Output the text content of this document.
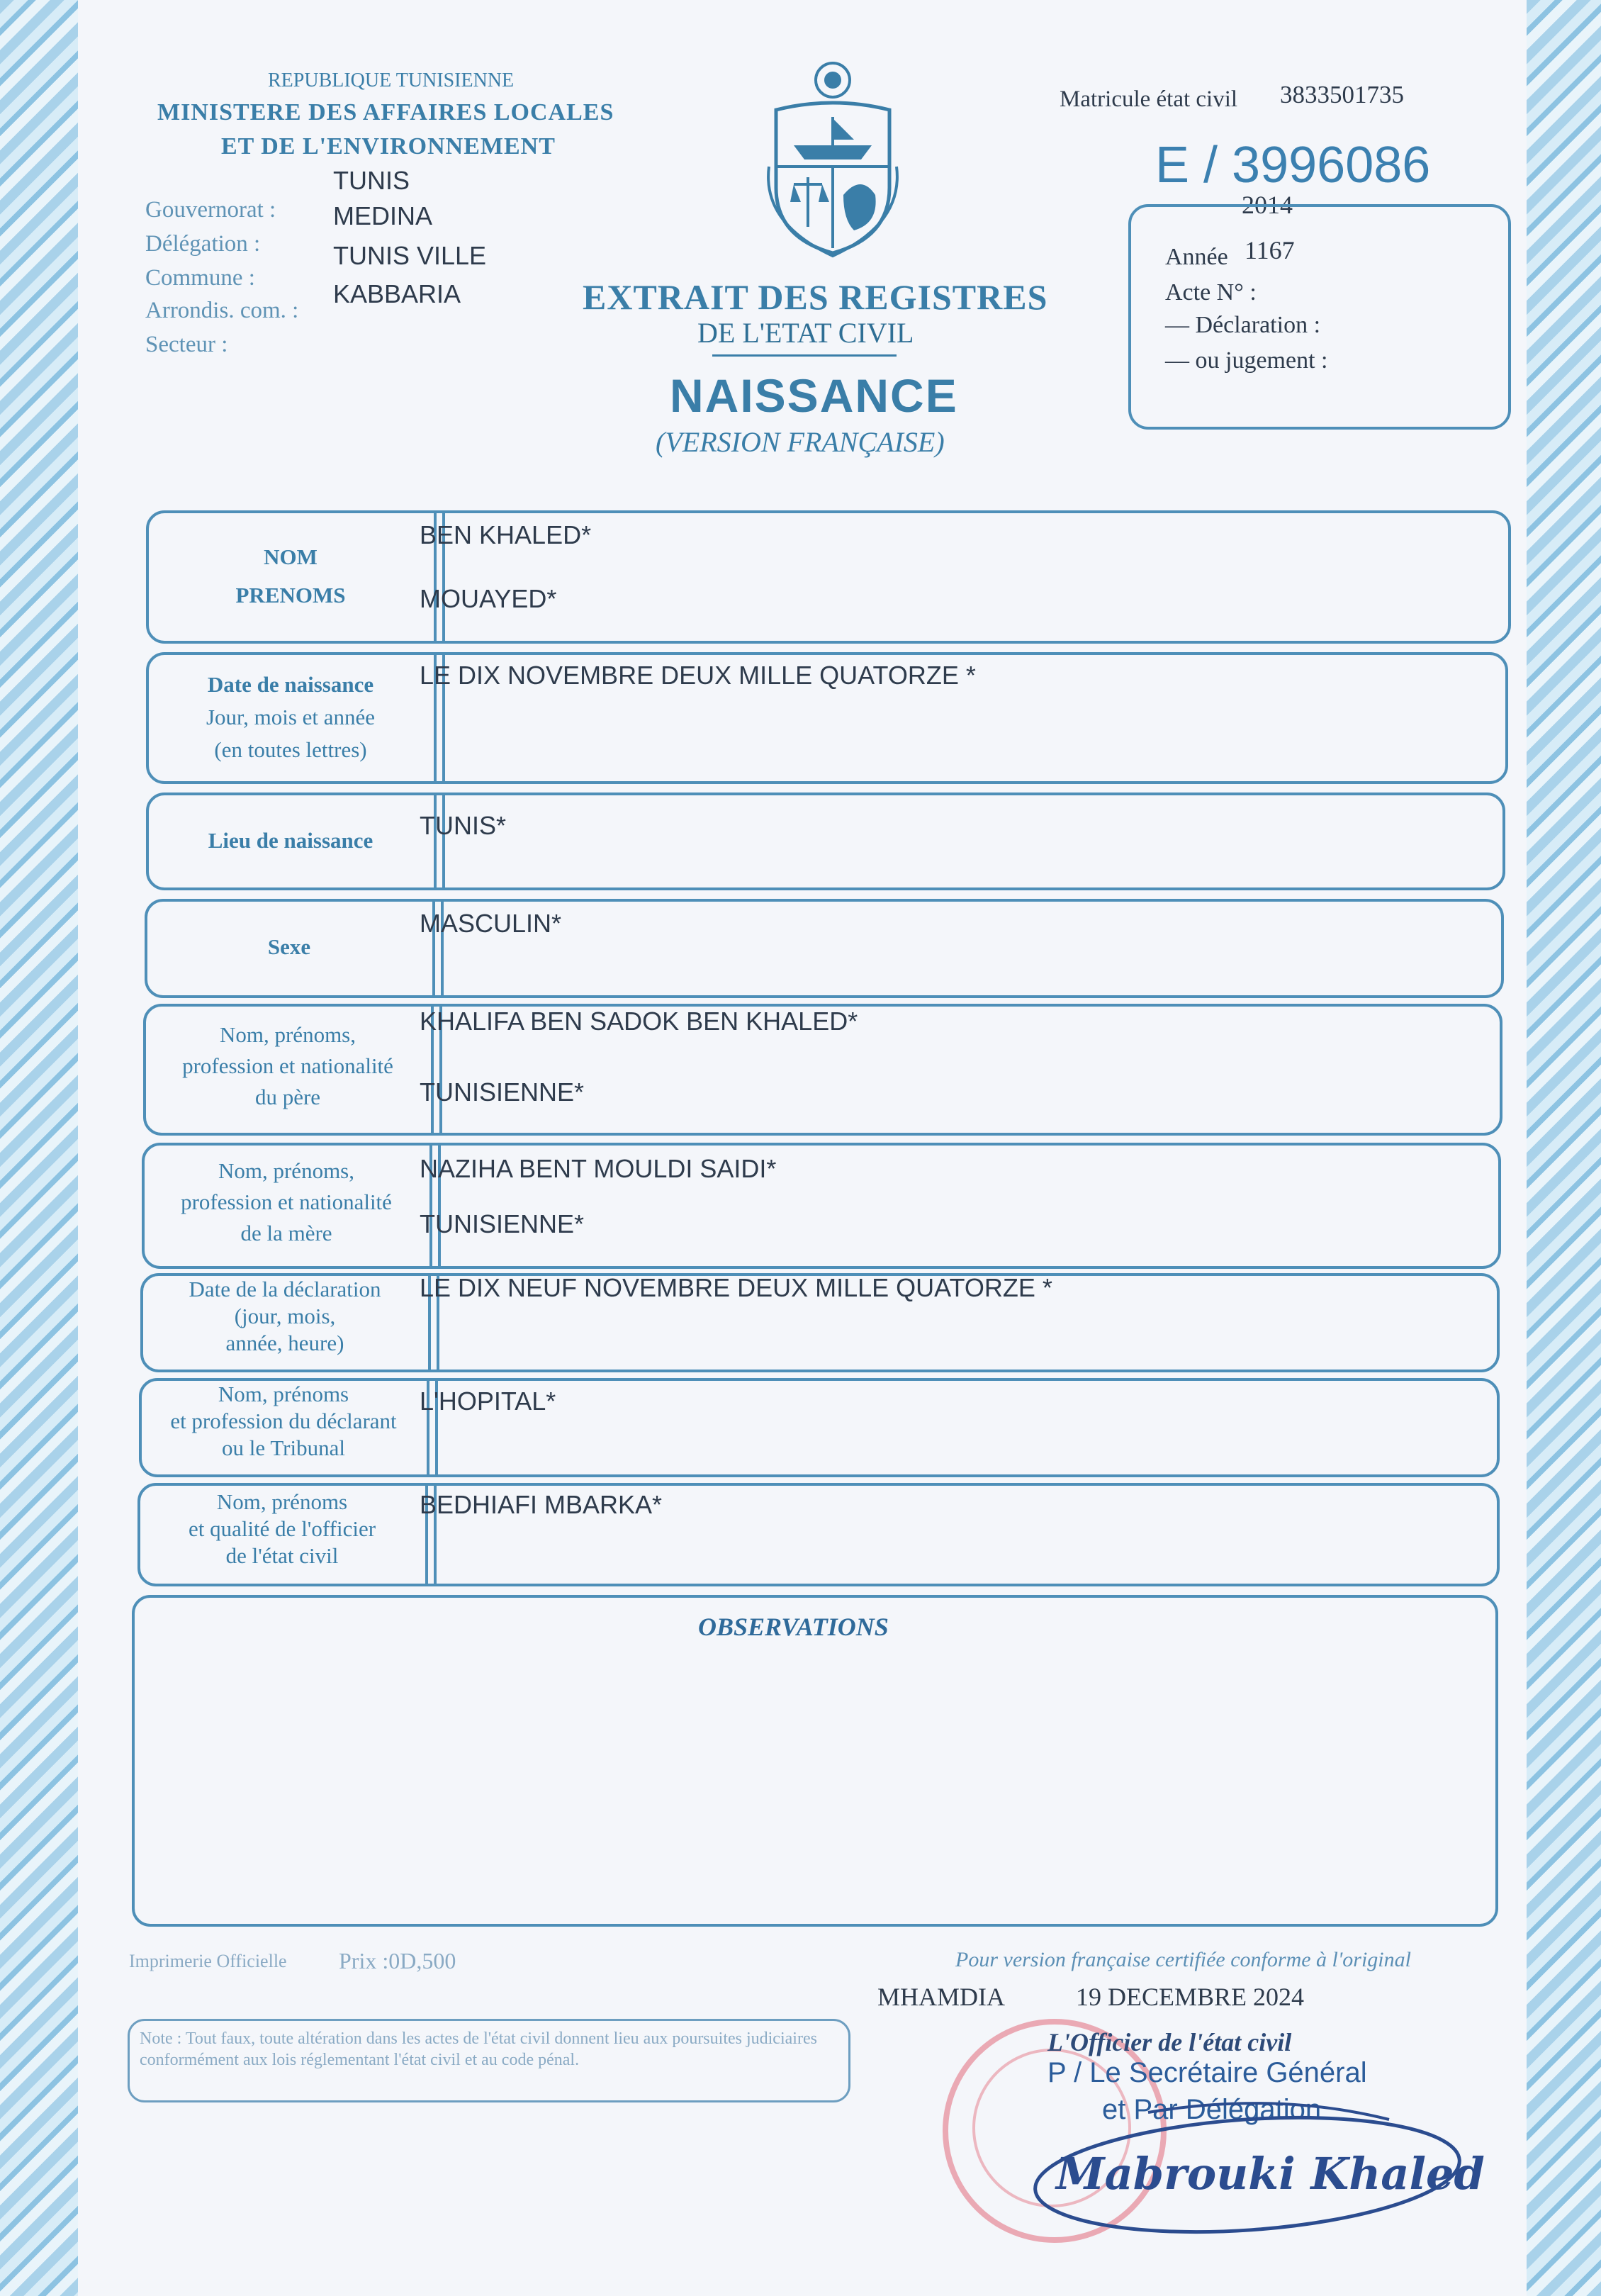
REPUBLIQUE TUNISIENNE
MINISTERE DES AFFAIRES LOCALES
ET DE L'ENVIRONNEMENT
Gouvernorat :
TUNIS
Délégation :
MEDINA
Commune :
TUNIS VILLE
Arrondis. com. :
KABBARIA
Secteur :
Matricule état civil 3833501735
E / 3996086
2014
Année 1167
Acte N° :
— Déclaration :
— ou jugement :
EXTRAIT DES REGISTRES
DE L'ETAT CIVIL
NAISSANCE
(VERSION FRANÇAISE)
NOM
PRENOMS
BEN KHALED*
MOUAYED*
Date de naissance
Jour, mois et année
(en toutes lettres)
LE DIX NOVEMBRE DEUX MILLE QUATORZE *
Lieu de naissance
TUNIS*
Sexe
MASCULIN*
Nom, prénoms,
profession et nationalité
du père
KHALIFA BEN SADOK BEN KHALED*
TUNISIENNE*
Nom, prénoms,
profession et nationalité
de la mère
NAZIHA BENT MOULDI SAIDI*
TUNISIENNE*
Date de la déclaration
(jour, mois,
année, heure)
LE DIX NEUF NOVEMBRE DEUX MILLE QUATORZE *
Nom, prénoms
et profession du déclarant
ou le Tribunal
L'HOPITAL*
Nom, prénoms
et qualité de l'officier
de l'état civil
BEDHIAFI MBARKA*
OBSERVATIONS
Imprimerie Officielle Prix :0D,500	Pour version française certifiée conforme à l'original
MHAMDIA	19 DECEMBRE 2024
Note : Tout faux, toute altération dans les actes de l'état civil donnent lieu aux poursuites judiciaires conformément aux lois réglementant l'état civil et au code pénal.
L'Officier de l'état civil
P / Le Secrétaire Général
et Par Délégation
Mabrouki Khaled
